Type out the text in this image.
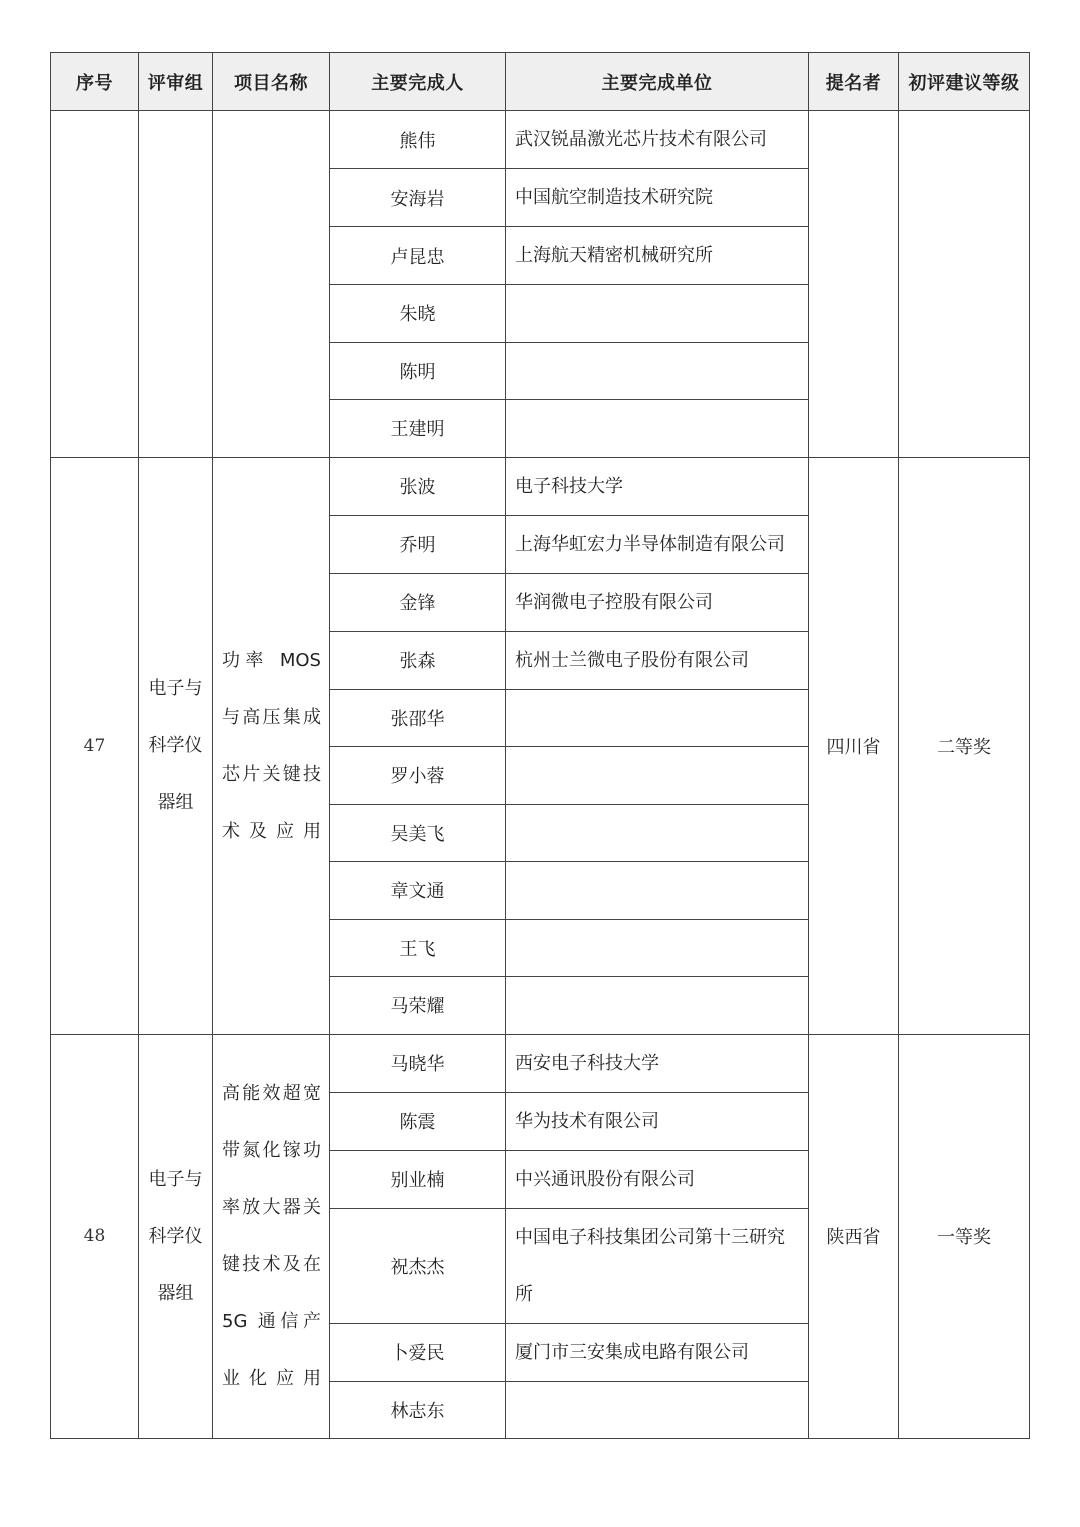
序号	评审组	项目名称	主要完成人	主要完成单位	提名者	初评建议等级
			熊伟	武汉锐晶激光芯片技术有限公司		
			安海岩	中国航空制造技术研究院		
			卢昆忠	上海航天精密机械研究所		
			朱晓			
			陈明			
			王建明			
47	电子与科学仪器组	功率 MOS 与高压集成芯片关键技术及应用	张波	电子科技大学	四川省	二等奖
			乔明	上海华虹宏力半导体制造有限公司		
			金锋	华润微电子控股有限公司		
			张森	杭州士兰微电子股份有限公司		
			张邵华			
			罗小蓉			
			吴美飞			
			章文通			
			王飞			
			马荣耀			
48	电子与科学仪器组	高能效超宽带氮化镓功率放大器关键技术及在 5G 通信产业化应用	马晓华	西安电子科技大学	陕西省	一等奖
			陈震	华为技术有限公司		
			别业楠	中兴通讯股份有限公司		
			祝杰杰	中国电子科技集团公司第十三研究所		

			卜爱民	厦门市三安集成电路有限公司		
			林志东			
